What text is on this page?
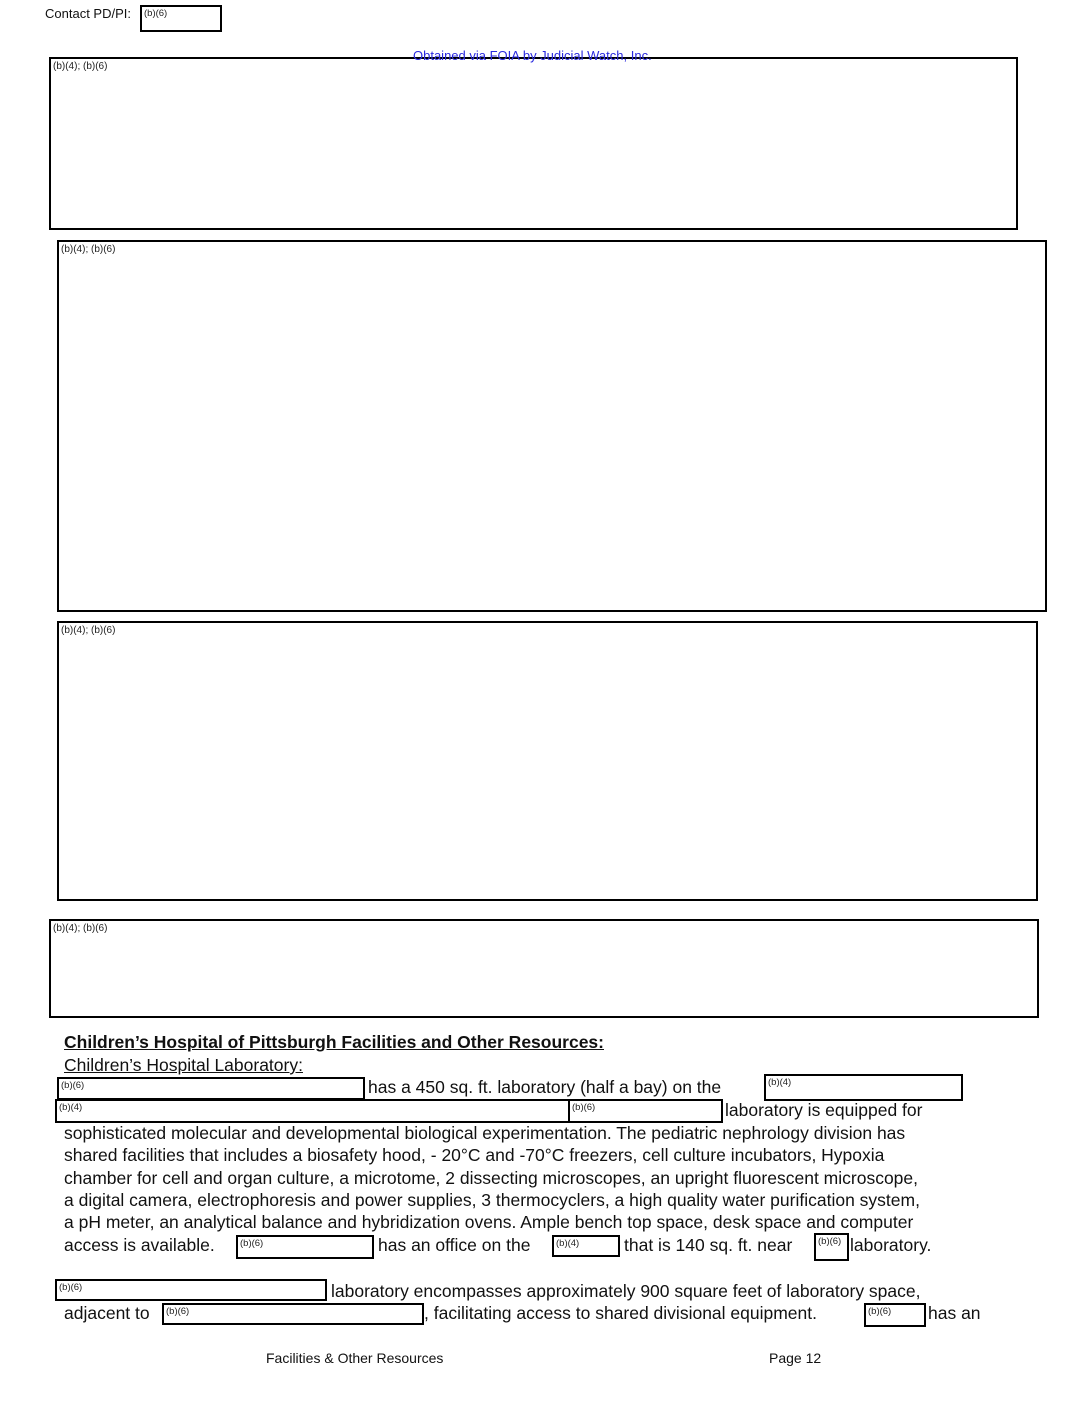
Contact PD/PI: (b)(6)
(b)(4); (b)(6)
Obtained via FOIA by Judicial Watch, Inc.
(b)(4); (b)(6)
(b)(4); (b)(6)
(b)(4); (b)(6)
Children’s Hospital of Pittsburgh Facilities and Other Resources:
Children’s Hospital Laboratory:
(b)(6)	has a 450 sq. ft. laboratory (half a bay) on the	(b)(4)
(b)(4)	(b)(6)	laboratory is equipped for
sophisticated molecular and developmental biological experimentation. The pediatric nephrology division has
shared facilities that includes a biosafety hood, - 20°C and -70°C freezers, cell culture incubators, Hypoxia
chamber for cell and organ culture, a microtome, 2 dissecting microscopes, an upright fluorescent microscope,
a digital camera, electrophoresis and power supplies, 3 thermocyclers, a high quality water purification system,
a pH meter, an analytical balance and hybridization ovens. Ample bench top space, desk space and computer
access is available.	(b)(6)	has an office on the	(b)(4)	that is 140 sq. ft. near	(b)(6) laboratory.
(b)(6)	laboratory encompasses approximately 900 square feet of laboratory space,
adjacent to (b)(6)	, facilitating access to shared divisional equipment.	(b)(6) has an
Facilities & Other Resources	Page 12
